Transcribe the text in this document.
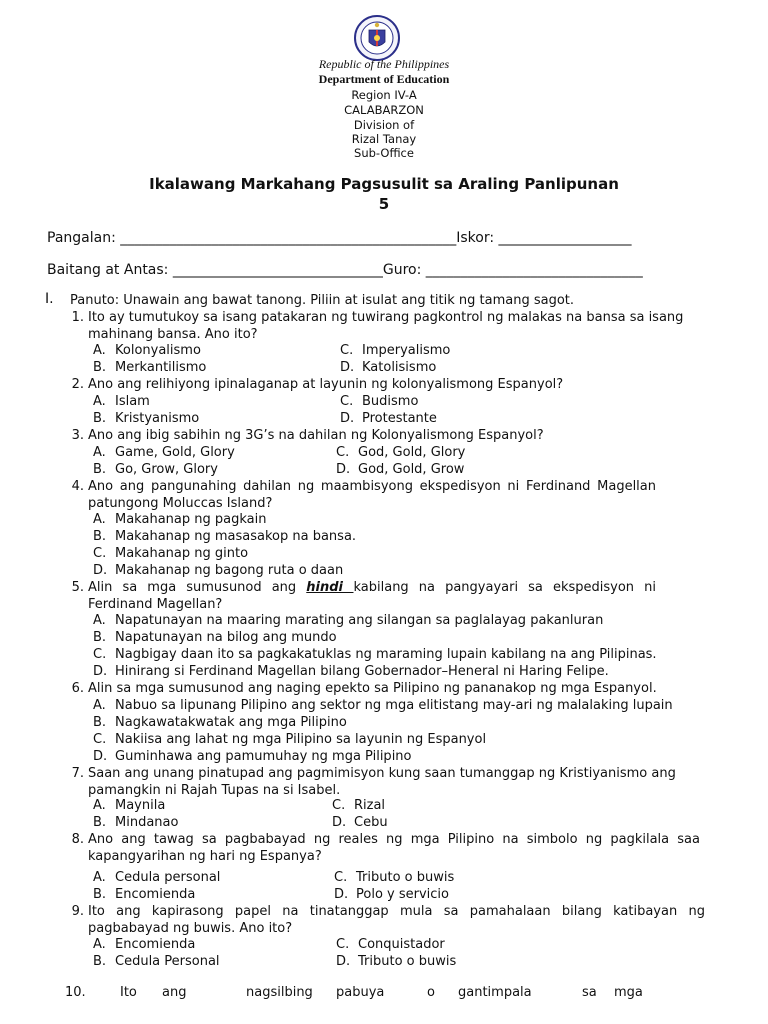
Republic of the Philippines
Department of Education
Region IV-A
CALABARZON
Division of
Rizal Tanay
Sub-Office
Ikalawang Markahang Pagsusulit sa Araling Panlipunan
5
Pangalan: ________________________________________________Iskor: ___________________
Baitang at Antas: ______________________________Guro: _______________________________
I. Panuto: Unawain ang bawat tanong. Piliin at isulat ang titik ng tamang sagot.
1. Ito ay tumutukoy sa isang patakaran ng tuwirang pagkontrol ng malakas na bansa sa isang mahinang bansa. Ano ito?
A. Kolonyalismo	C. Imperyalismo
B. Merkantilismo	D. Katolisismo
2. Ano ang relihiyong ipinalaganap at layunin ng kolonyalismong Espanyol?
A. Islam	C. Budismo
B. Kristyanismo	D. Protestante
3. Ano ang ibig sabihin ng 3G’s na dahilan ng Kolonyalismong Espanyol?
A. Game, Gold, Glory	C. God, Gold, Glory
B. Go, Grow, Glory	D. God, Gold, Grow
4. Ano ang pangunahing dahilan ng maambisyong ekspedisyon ni Ferdinand Magellan patungong Moluccas Island?
A. Makahanap ng pagkain
B. Makahanap ng masasakop na bansa.
C. Makahanap ng ginto
D. Makahanap ng bagong ruta o daan
5. Alin sa mga sumusunod ang hindi kabilang na pangyayari sa ekspedisyon ni Ferdinand Magellan?
A. Napatunayan na maaring marating ang silangan sa paglalayag pakanluran
B. Napatunayan na bilog ang mundo
C. Nagbigay daan ito sa pagkakatuklas ng maraming lupain kabilang na ang Pilipinas.
D. Hinirang si Ferdinand Magellan bilang Gobernador–Heneral ni Haring Felipe.
6. Alin sa mga sumusunod ang naging epekto sa Pilipino ng pananakop ng mga Espanyol.
A. Nabuo sa lipunang Pilipino ang sektor ng mga elitistang may-ari ng malalaking lupain
B. Nagkawatakwatak ang mga Pilipino
C. Nakiisa ang lahat ng mga Pilipino sa layunin ng Espanyol
D. Guminhawa ang pamumuhay ng mga Pilipino
7. Saan ang unang pinatupad ang pagmimisyon kung saan tumanggap ng Kristiyanismo ang pamangkin ni Rajah Tupas na si Isabel.
A. Maynila	C. Rizal
B. Mindanao	D. Cebu
8. Ano ang tawag sa pagbabayad ng reales ng mga Pilipino na simbolo ng pagkilala saa kapangyarihan ng hari ng Espanya?
A. Cedula personal	C. Tributo o buwis
B. Encomienda	D. Polo y servicio
9. Ito ang kapirasong papel na tinatanggap mula sa pamahalaan bilang katibayan ng pagbabayad ng buwis. Ano ito?
A. Encomienda	C. Conquistador
B. Cedula Personal	D. Tributo o buwis
10.	Ito ang	nagsilbing pabuya	o gantimpala	sa mga
